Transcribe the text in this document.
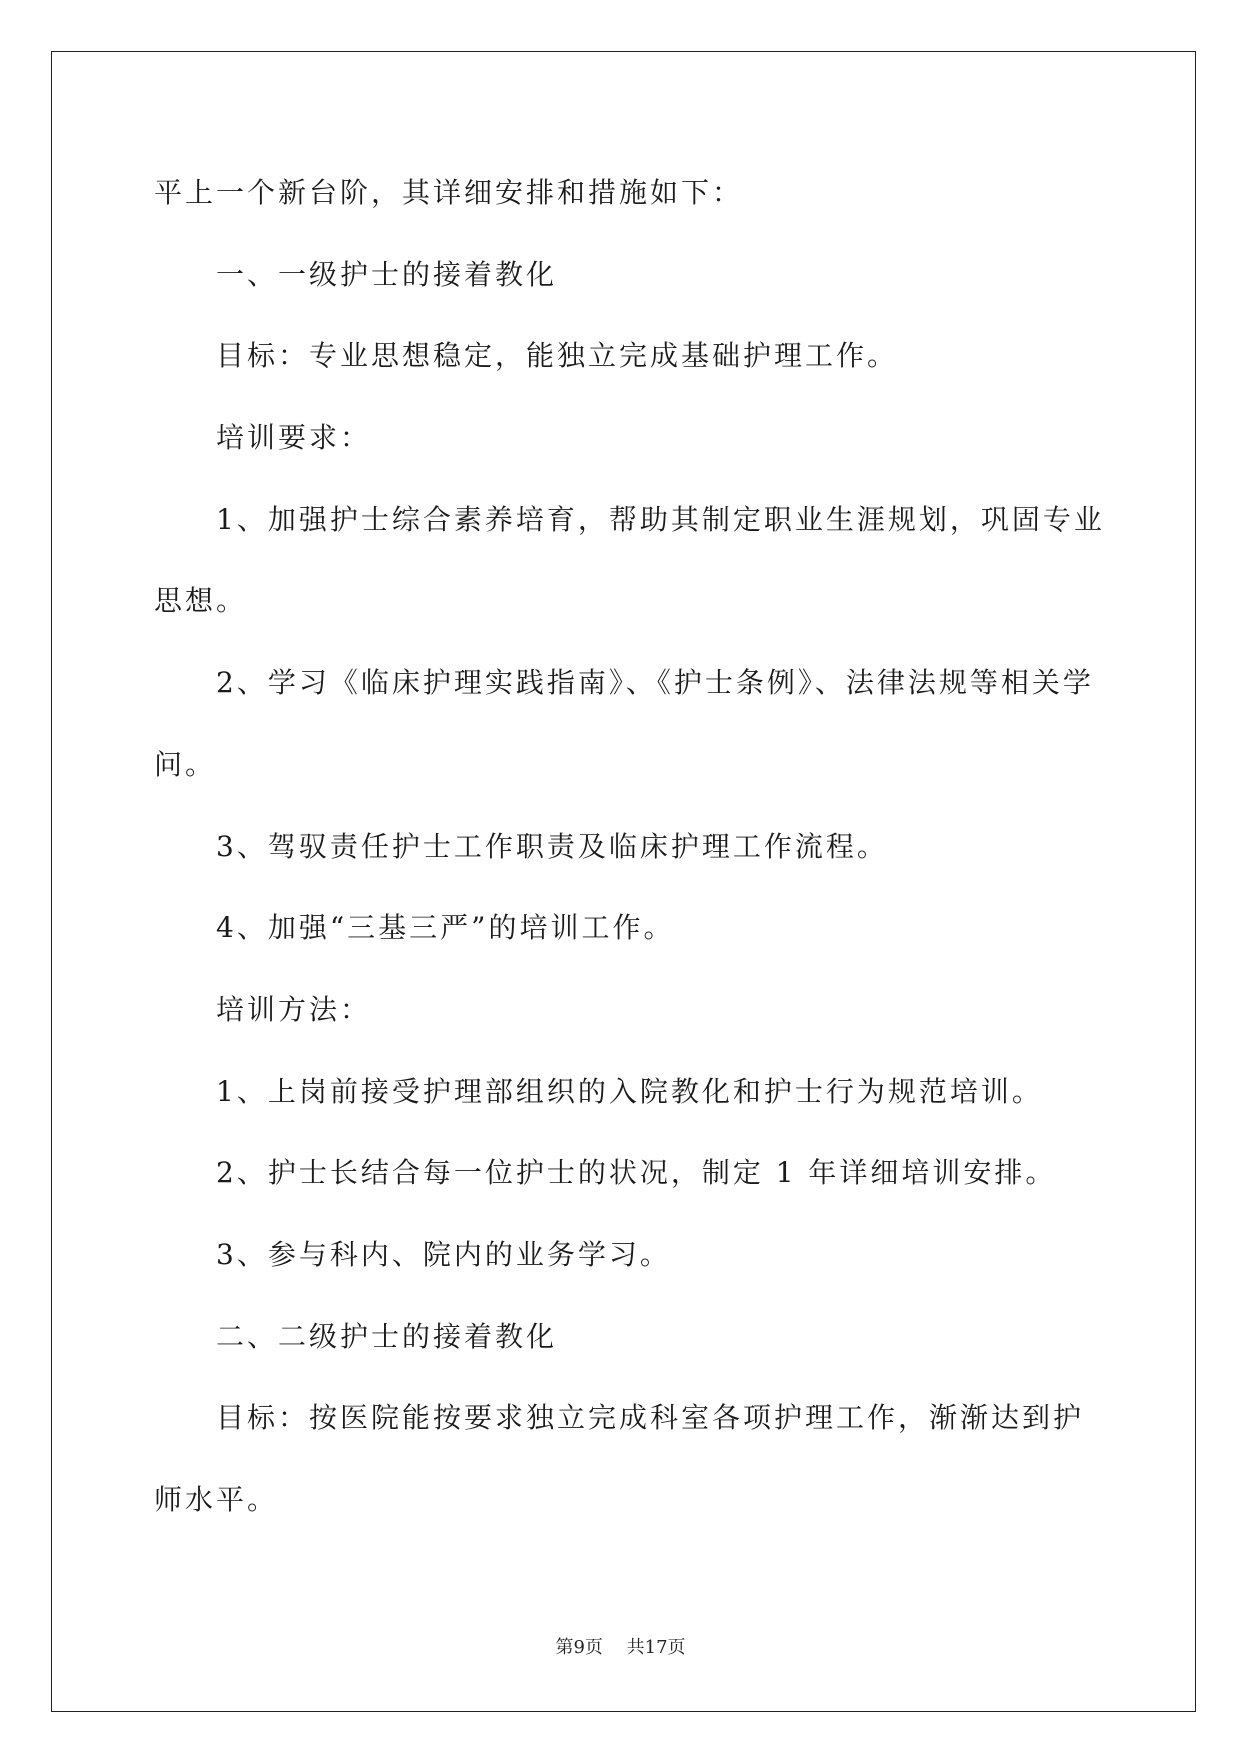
平上一个新台阶，其详细安排和措施如下：
一、一级护士的接着教化
目标：专业思想稳定，能独立完成基础护理工作。
培训要求：
1、加强护士综合素养培育，帮助其制定职业生涯规划，巩固专业
思想。
2、学习《临床护理实践指南》、《护士条例》、法律法规等相关学
问。
3、驾驭责任护士工作职责及临床护理工作流程。
4、加强“三基三严”的培训工作。
培训方法：
1、上岗前接受护理部组织的入院教化和护士行为规范培训。
2、护士长结合每一位护士的状况，制定 1 年详细培训安排。
3、参与科内、院内的业务学习。
二、二级护士的接着教化
目标：按医院能按要求独立完成科室各项护理工作，渐渐达到护
师水平。
第9页 共17页
